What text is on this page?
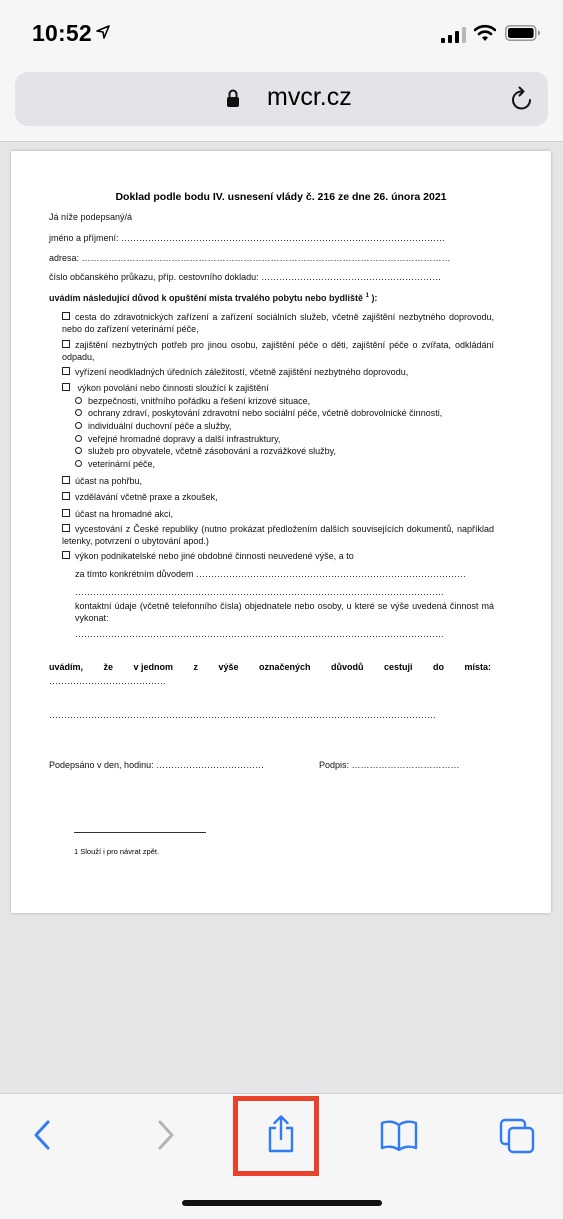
10:52
mvcr.cz
Doklad podle bodu IV. usnesení vlády č. 216 ze dne 26. února 2021
Já níže podepsaný/á
jméno a příjmení: ………………………………………………………………………………………………
adresa: ……………………………………………………………………………………………………………
číslo občanského průkazu, příp. cestovního dokladu: ……………………………………………………
uvádím následující důvod k opuštění místa trvalého pobytu nebo bydliště $^1$ ):
cesta do zdravotnických zařízení a zařízení sociálních služeb, včetně zajištění nezbytného doprovodu, nebo do zařízení veterinární péče,
zajištění nezbytných potřeb pro jinou osobu, zajištění péče o děti, zajištění péče o zvířata, odkládání odpadu,
vyřízení neodkladných úředních záležitostí, včetně zajištění nezbytného doprovodu,
výkon povolání nebo činnosti sloužící k zajištění
bezpečnosti, vnitřního pořádku a řešení krizové situace,
ochrany zdraví, poskytování zdravotní nebo sociální péče, včetně dobrovolnické činnosti,
individuální duchovní péče a služby,
veřejné hromadné dopravy a další infrastruktury,
služeb pro obyvatele, včetně zásobování a rozvážkové služby,
veterinární péče,
účast na pohřbu,
vzdělávání včetně praxe a zkoušek,
účast na hromadné akci,
vycestování z České republiky (nutno prokázat předložením dalších souvisejících dokumentů, například letenky, potvrzení o ubytování apod.)
výkon podnikatelské nebo jiné obdobné činnosti neuvedené výše, a to
za tímto konkrétním důvodem ………………………………………………………………………………
……………………………………………………………………………………………………………
kontaktní údaje (včetně telefonního čísla) objednatele nebo osoby, u které se výše uvedená činnost má vykonat:
……………………………………………………………………………………………………………
uvádím, že v jednom z výše označených důvodů cestuji do místa:
…………………………………
…………………………………………………………………………………………………………………
Podepsáno v den, hodinu: ………………………………	Podpis: ………………………………
1 Slouží i pro návrat zpět.
